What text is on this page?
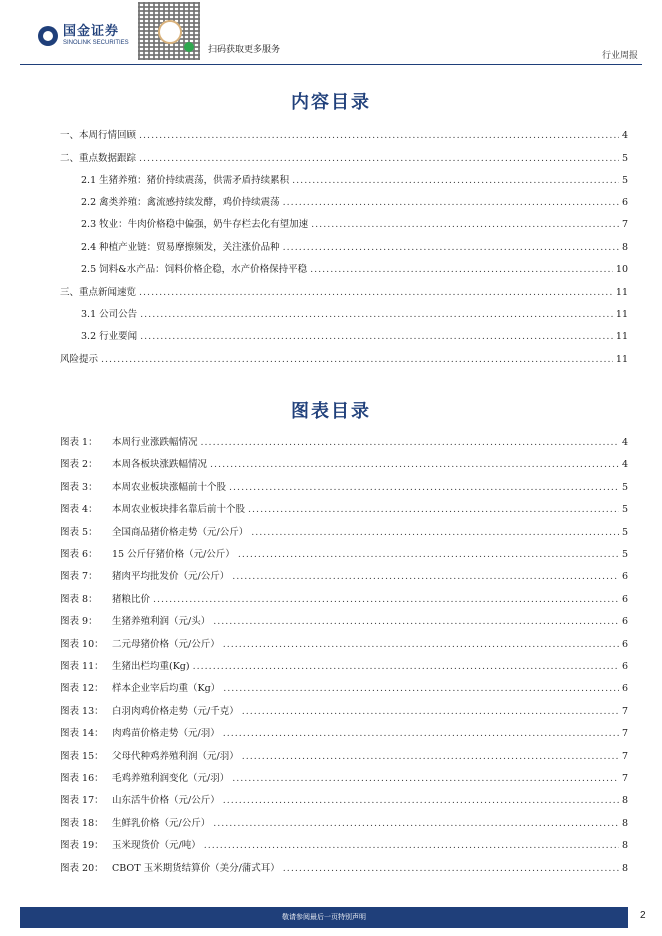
国金证券
SINOLINK SECURITIES
扫码获取更多服务
行业周报
内容目录
一、本周行情回顾 .....	4
二、重点数据跟踪 .....	5
2.1 生猪养殖：猪价持续震荡，供需矛盾持续累积 .....	5
2.2 禽类养殖：禽流感持续发酵，鸡价持续震荡 .....	6
2.3 牧业：牛肉价格稳中偏强，奶牛存栏去化有望加速 .....	7
2.4 种植产业链：贸易摩擦频发，关注涨价品种 .....	8
2.5 饲料&水产品：饲料价格企稳，水产价格保持平稳 .....	10
三、重点新闻速览 .....	11
3.1 公司公告 .....	11
3.2 行业要闻 .....	11
风险提示 .....	11
图表目录
图表 1： 本周行业涨跌幅情况 .....	4
图表 2： 本周各板块涨跌幅情况 .....	4
图表 3： 本周农业板块涨幅前十个股 .....	5
图表 4： 本周农业板块排名靠后前十个股 .....	5
图表 5： 全国商品猪价格走势（元/公斤） .....	5
图表 6： 15 公斤仔猪价格（元/公斤） .....	5
图表 7： 猪肉平均批发价（元/公斤） .....	6
图表 8： 猪粮比价 .....	6
图表 9： 生猪养殖利润（元/头） .....	6
图表 10： 二元母猪价格（元/公斤） .....	6
图表 11： 生猪出栏均重(Kg) .....	6
图表 12： 样本企业宰后均重（Kg） .....	6
图表 13： 白羽肉鸡价格走势（元/千克） .....	7
图表 14： 肉鸡苗价格走势（元/羽） .....	7
图表 15： 父母代种鸡养殖利润（元/羽） .....	7
图表 16： 毛鸡养殖利润变化（元/羽） .....	7
图表 17： 山东活牛价格（元/公斤） .....	8
图表 18： 生鲜乳价格（元/公斤） .....	8
图表 19： 玉米现货价（元/吨） .....	8
图表 20： CBOT 玉米期货结算价（美分/蒲式耳） .....	8
敬请参阅最后一页特别声明	2
